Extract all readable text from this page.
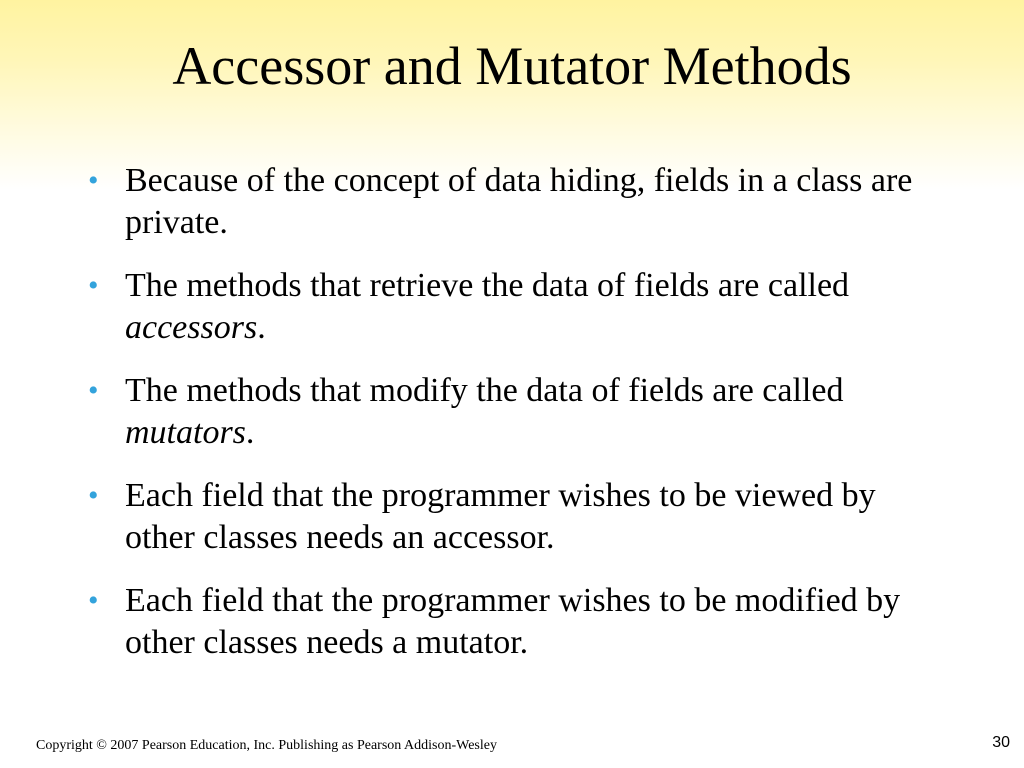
Accessor and Mutator Methods
• Because of the concept of data hiding, fields in a class are private.
• The methods that retrieve the data of fields are called accessors.
• The methods that modify the data of fields are called mutators.
• Each field that the programmer wishes to be viewed by other classes needs an accessor.
• Each field that the programmer wishes to be modified by other classes needs a mutator.
Copyright © 2007 Pearson Education, Inc. Publishing as Pearson Addison-Wesley	30
